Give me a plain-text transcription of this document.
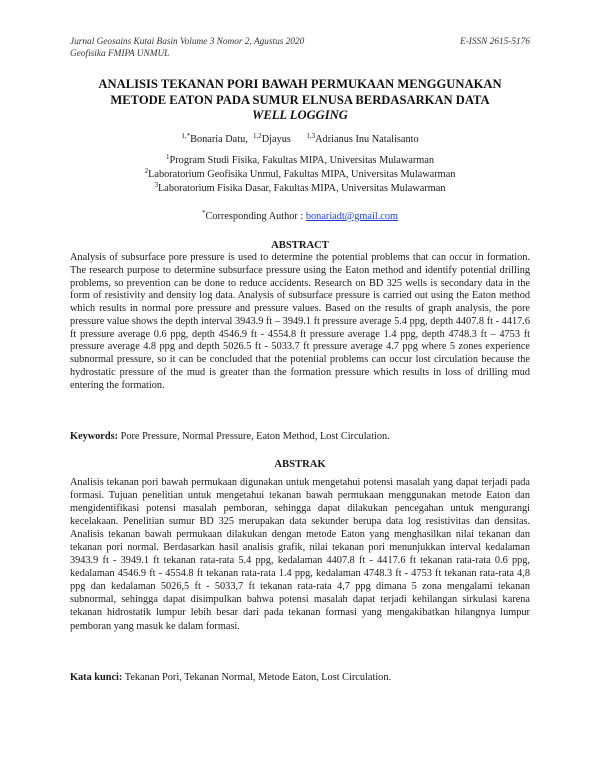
Jurnal Geosains Kutai Basin Volume 3 Nomor 2, Agustus 2020
Geofisika FMIPA UNMUL
E-ISSN 2615-5176
ANALISIS TEKANAN PORI BAWAH PERMUKAAN MENGGUNAKAN
METODE EATON PADA SUMUR ELNUSA BERDASARKAN DATA
WELL LOGGING
$^{1,*}$Bonaria Datu, $^{1,2}$Djayus $^{1,3}$Adrianus Inu Natalisanto
$^1$Program Studi Fisika, Fakultas MIPA, Universitas Mulawarman
$^2$Laboratorium Geofisika Unmul, Fakultas MIPA, Universitas Mulawarman
$^3$Laboratorium Fisika Dasar, Fakultas MIPA, Universitas Mulawarman
*Corresponding Author : bonariadt@gmail.com
ABSTRACT
Analysis of subsurface pore pressure is used to determine the potential problems that can occur in formation. The research purpose to determine subsurface pressure using the Eaton method and identify potential drilling problems, so prevention can be done to reduce accidents. Research on BD 325 wells is secondary data in the form of resistivity and density log data. Analysis of subsurface pressure is carried out using the Eaton method which results in normal pore pressure and pressure values. Based on the results of graph analysis, the pore pressure value shows the depth interval 3943.9 ft – 3949.1 ft pressure average 5.4 ppg, depth 4407.8 ft - 4417.6 ft pressure average 0.6 ppg, depth 4546.9 ft - 4554.8 ft pressure average 1.4 ppg, depth 4748.3 ft – 4753 ft pressure average 4.8 ppg and depth 5026.5 ft - 5033.7 ft pressure average 4.7 ppg where 5 zones experience subnormal pressure, so it can be concluded that the potential problems can occur lost circulation because the hydrostatic pressure of the mud is greater than the formation pressure which results in loss of drilling mud entering the formation.
Keywords: Pore Pressure, Normal Pressure, Eaton Method, Lost Circulation.
ABSTRAK
Analisis tekanan pori bawah permukaan digunakan untuk mengetahui potensi masalah yang dapat terjadi pada formasi. Tujuan penelitian untuk mengetahui tekanan bawah permukaan menggunakan metode Eaton dan mengidentifikasi potensi masalah pemboran, sehingga dapat dilakukan pencegahan untuk mengurangi kecelakaan. Penelitian sumur BD 325 merupakan data sekunder berupa data log resistivitas dan densitas. Analisis tekanan bawah permukaan dilakukan dengan metode Eaton yang menghasilkan nilai tekanan dan tekanan pori normal. Berdasarkan hasil analisis grafik, nilai tekanan pori menunjukkan interval kedalaman 3943.9 ft - 3949.1 ft tekanan rata-rata 5.4 ppg, kedalaman 4407.8 ft - 4417.6 ft tekanan rata-rata 0.6 ppg, kedalaman 4546.9 ft - 4554.8 ft tekanan rata-rata 1.4 ppg, kedalaman 4748.3 ft - 4753 ft tekanan rata-rata 4,8 ppg dan kedalaman 5026,5 ft - 5033,7 ft tekanan rata-rata 4,7 ppg dimana 5 zona mengalami tekanan subnormal, sehingga dapat disimpulkan bahwa potensi masalah dapat terjadi kehilangan sirkulasi karena tekanan hidrostatik lumpur lebih besar dari pada tekanan formasi yang mengakibatkan hilangnya lumpur pemboran yang masuk ke dalam formasi.
Kata kunci: Tekanan Pori, Tekanan Normal, Metode Eaton, Lost Circulation.
